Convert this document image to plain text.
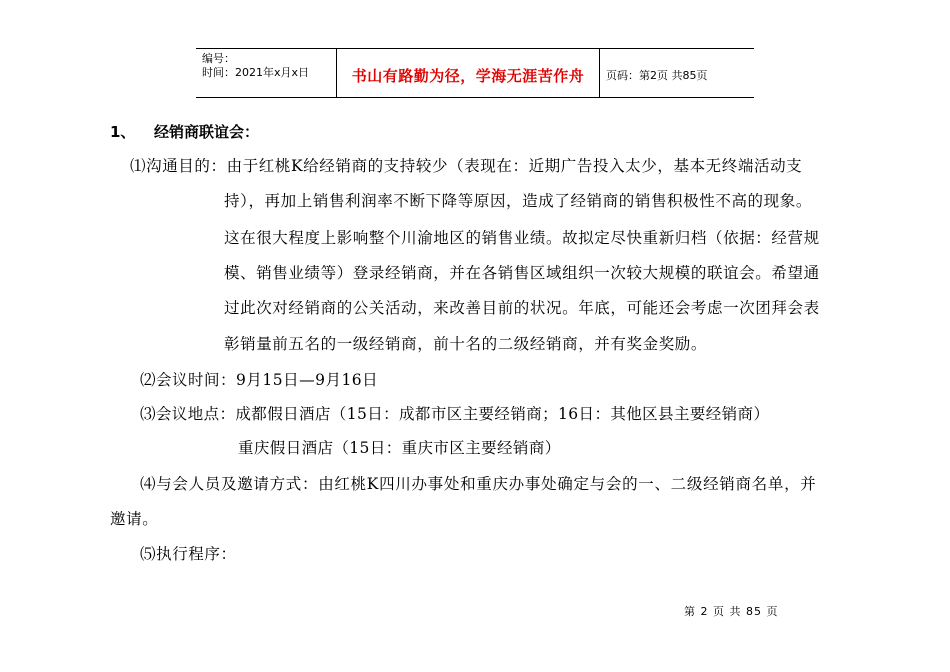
编号：
时间：2021年x月x日	书山有路勤为径，学海无涯苦作舟	页码：第2页 共85页
1、 经销商联谊会：
⑴沟通目的：由于红桃K给经销商的支持较少（表现在：近期广告投入太少，基本无终端活动支
持），再加上销售利润率不断下降等原因，造成了经销商的销售积极性不高的现象。
这在很大程度上影响整个川渝地区的销售业绩。故拟定尽快重新归档（依据：经营规
模、销售业绩等）登录经销商，并在各销售区域组织一次较大规模的联谊会。希望通
过此次对经销商的公关活动，来改善目前的状况。年底，可能还会考虑一次团拜会表
彰销量前五名的一级经销商，前十名的二级经销商，并有奖金奖励。
⑵会议时间：9月15日—9月16日
⑶会议地点：成都假日酒店（15日：成都市区主要经销商；16日：其他区县主要经销商）
重庆假日酒店（15日：重庆市区主要经销商）
⑷与会人员及邀请方式：由红桃K四川办事处和重庆办事处确定与会的一、二级经销商名单，并
邀请。
⑸执行程序：
第 2 页 共 85 页
